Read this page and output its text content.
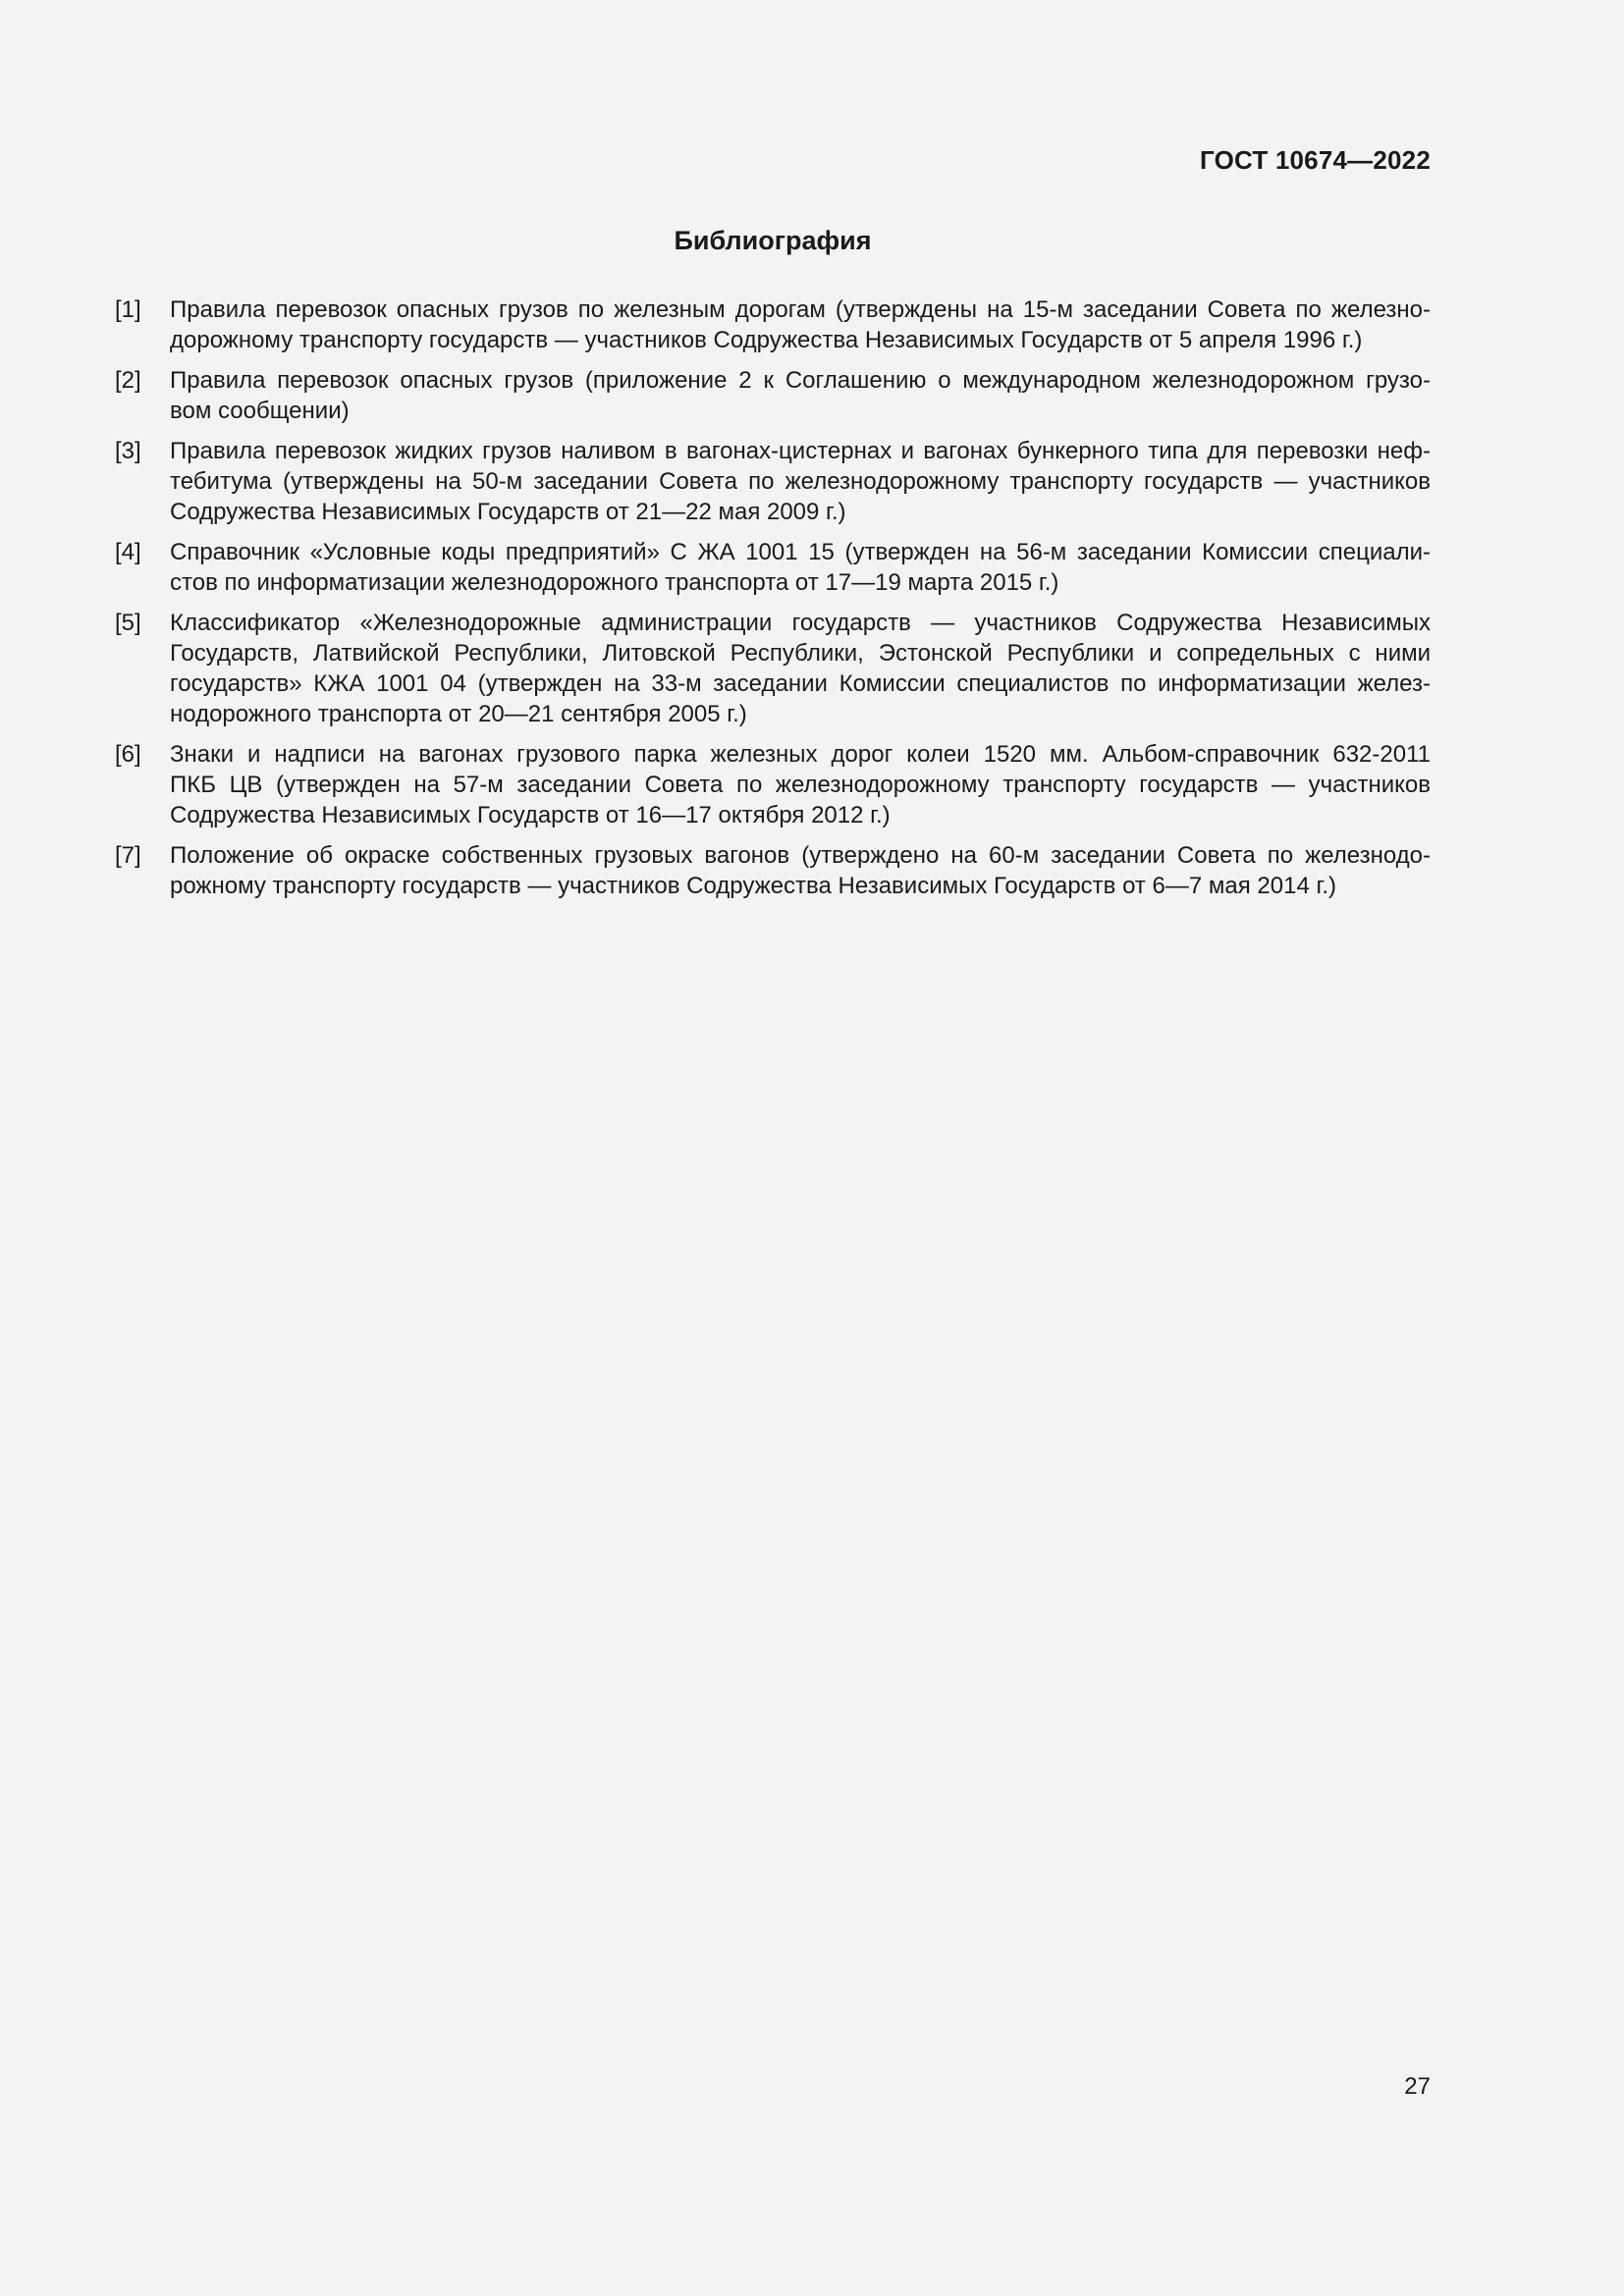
ГОСТ 10674—2022
Библиография
[1]	Правила перевозок опасных грузов по железным дорогам (утверждены на 15-м заседании Совета по железно-
дорожному транспорту государств — участников Содружества Независимых Государств от 5 апреля 1996 г.)
[2]	Правила перевозок опасных грузов (приложение 2 к Соглашению о международном железнодорожном грузо-
вом сообщении)
[3]	Правила перевозок жидких грузов наливом в вагонах-цистернах и вагонах бункерного типа для перевозки неф-
тебитума (утверждены на 50-м заседании Совета по железнодорожному транспорту государств — участников
Содружества Независимых Государств от 21—22 мая 2009 г.)
[4]	Справочник «Условные коды предприятий» С ЖА 1001 15 (утвержден на 56-м заседании Комиссии специали-
стов по информатизации железнодорожного транспорта от 17—19 марта 2015 г.)
[5]	Классификатор «Железнодорожные администрации государств — участников Содружества Независимых
Государств, Латвийской Республики, Литовской Республики, Эстонской Республики и сопредельных с ними
государств» КЖА 1001 04 (утвержден на 33-м заседании Комиссии специалистов по информатизации желез-
нодорожного транспорта от 20—21 сентября 2005 г.)
[6]	Знаки и надписи на вагонах грузового парка железных дорог колеи 1520 мм. Альбом-справочник 632-2011
ПКБ ЦВ (утвержден на 57-м заседании Совета по железнодорожному транспорту государств — участников
Содружества Независимых Государств от 16—17 октября 2012 г.)
[7]	Положение об окраске собственных грузовых вагонов (утверждено на 60-м заседании Совета по железнодо-
рожному транспорту государств — участников Содружества Независимых Государств от 6—7 мая 2014 г.)
27
